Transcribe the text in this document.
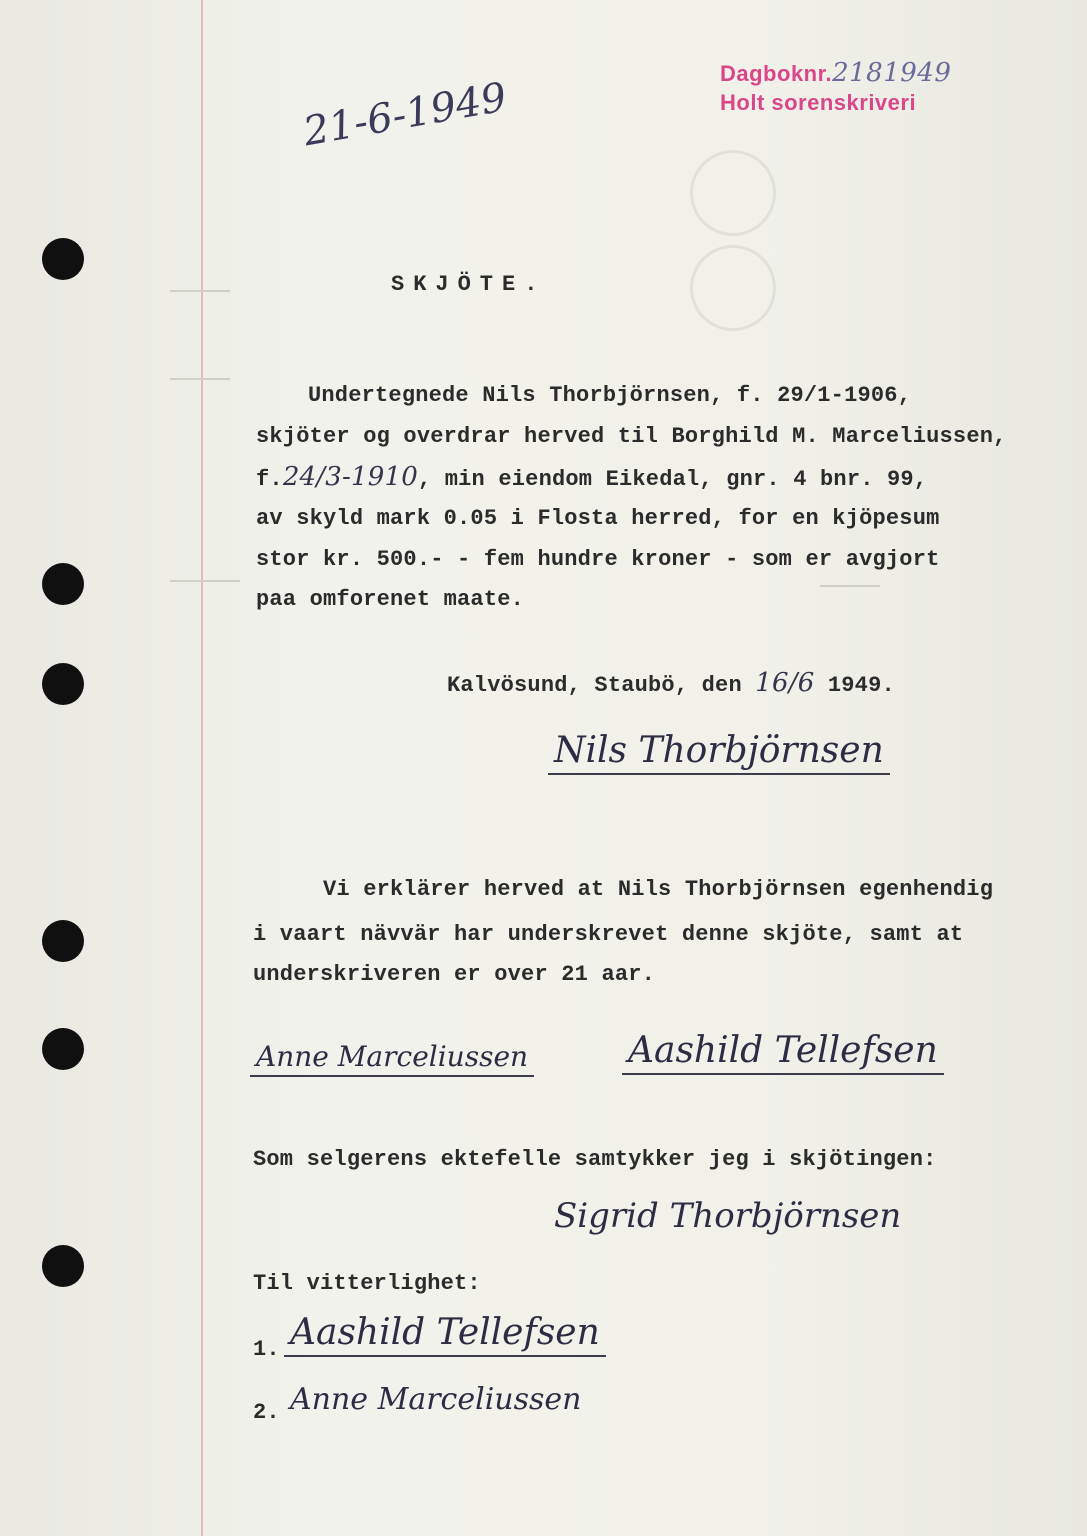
Dagboknr.2181949
Holt sorenskriveri
21-6-1949
SKJÖTE.
Undertegnede Nils Thorbjörnsen, f. 29/1-1906,
skjöter og overdrar herved til Borghild M. Marceliussen,
f.24/3-1910, min eiendom Eikedal, gnr. 4 bnr. 99,
av skyld mark 0.05 i Flosta herred, for en kjöpesum
stor kr. 500.- - fem hundre kroner - som er avgjort
paa omforenet maate.
Kalvösund, Staubö, den 16/6 1949.
Nils Thorbjörnsen
Vi erklärer herved at Nils Thorbjörnsen egenhendig
i vaart nävvär har underskrevet denne skjöte, samt at
underskriveren er over 21 aar.
Anne Marceliussen	Aashild Tellefsen
Som selgerens ektefelle samtykker jeg i skjötingen:
Sigrid Thorbjörnsen
Til vitterlighet:
1. Aashild Tellefsen
2. Anne Marceliussen
